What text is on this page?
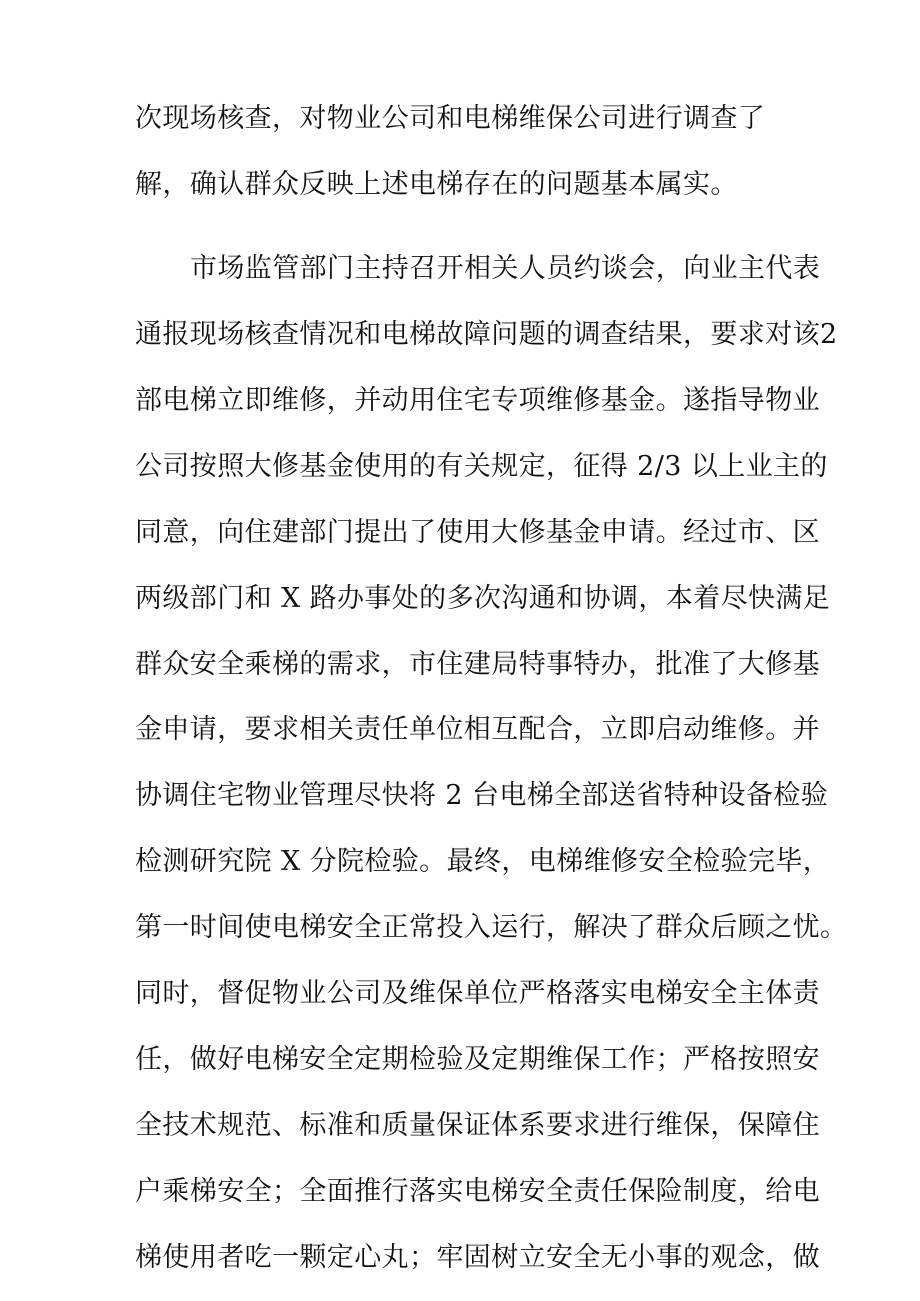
次现场核查，对物业公司和电梯维保公司进行调查了
解，确认群众反映上述电梯存在的问题基本属实。
市场监管部门主持召开相关人员约谈会，向业主代表
通报现场核查情况和电梯故障问题的调查结果，要求对该2
部电梯立即维修，并动用住宅专项维修基金。遂指导物业
公司按照大修基金使用的有关规定，征得 2/3 以上业主的
同意，向住建部门提出了使用大修基金申请。经过市、区
两级部门和 X 路办事处的多次沟通和协调，本着尽快满足
群众安全乘梯的需求，市住建局特事特办，批准了大修基
金申请，要求相关责任单位相互配合，立即启动维修。并
协调住宅物业管理尽快将 2 台电梯全部送省特种设备检验
检测研究院 X 分院检验。最终，电梯维修安全检验完毕，
第一时间使电梯安全正常投入运行，解决了群众后顾之忧。
同时，督促物业公司及维保单位严格落实电梯安全主体责
任，做好电梯安全定期检验及定期维保工作；严格按照安
全技术规范、标准和质量保证体系要求进行维保，保障住
户乘梯安全；全面推行落实电梯安全责任保险制度，给电
梯使用者吃一颗定心丸；牢固树立安全无小事的观念，做
